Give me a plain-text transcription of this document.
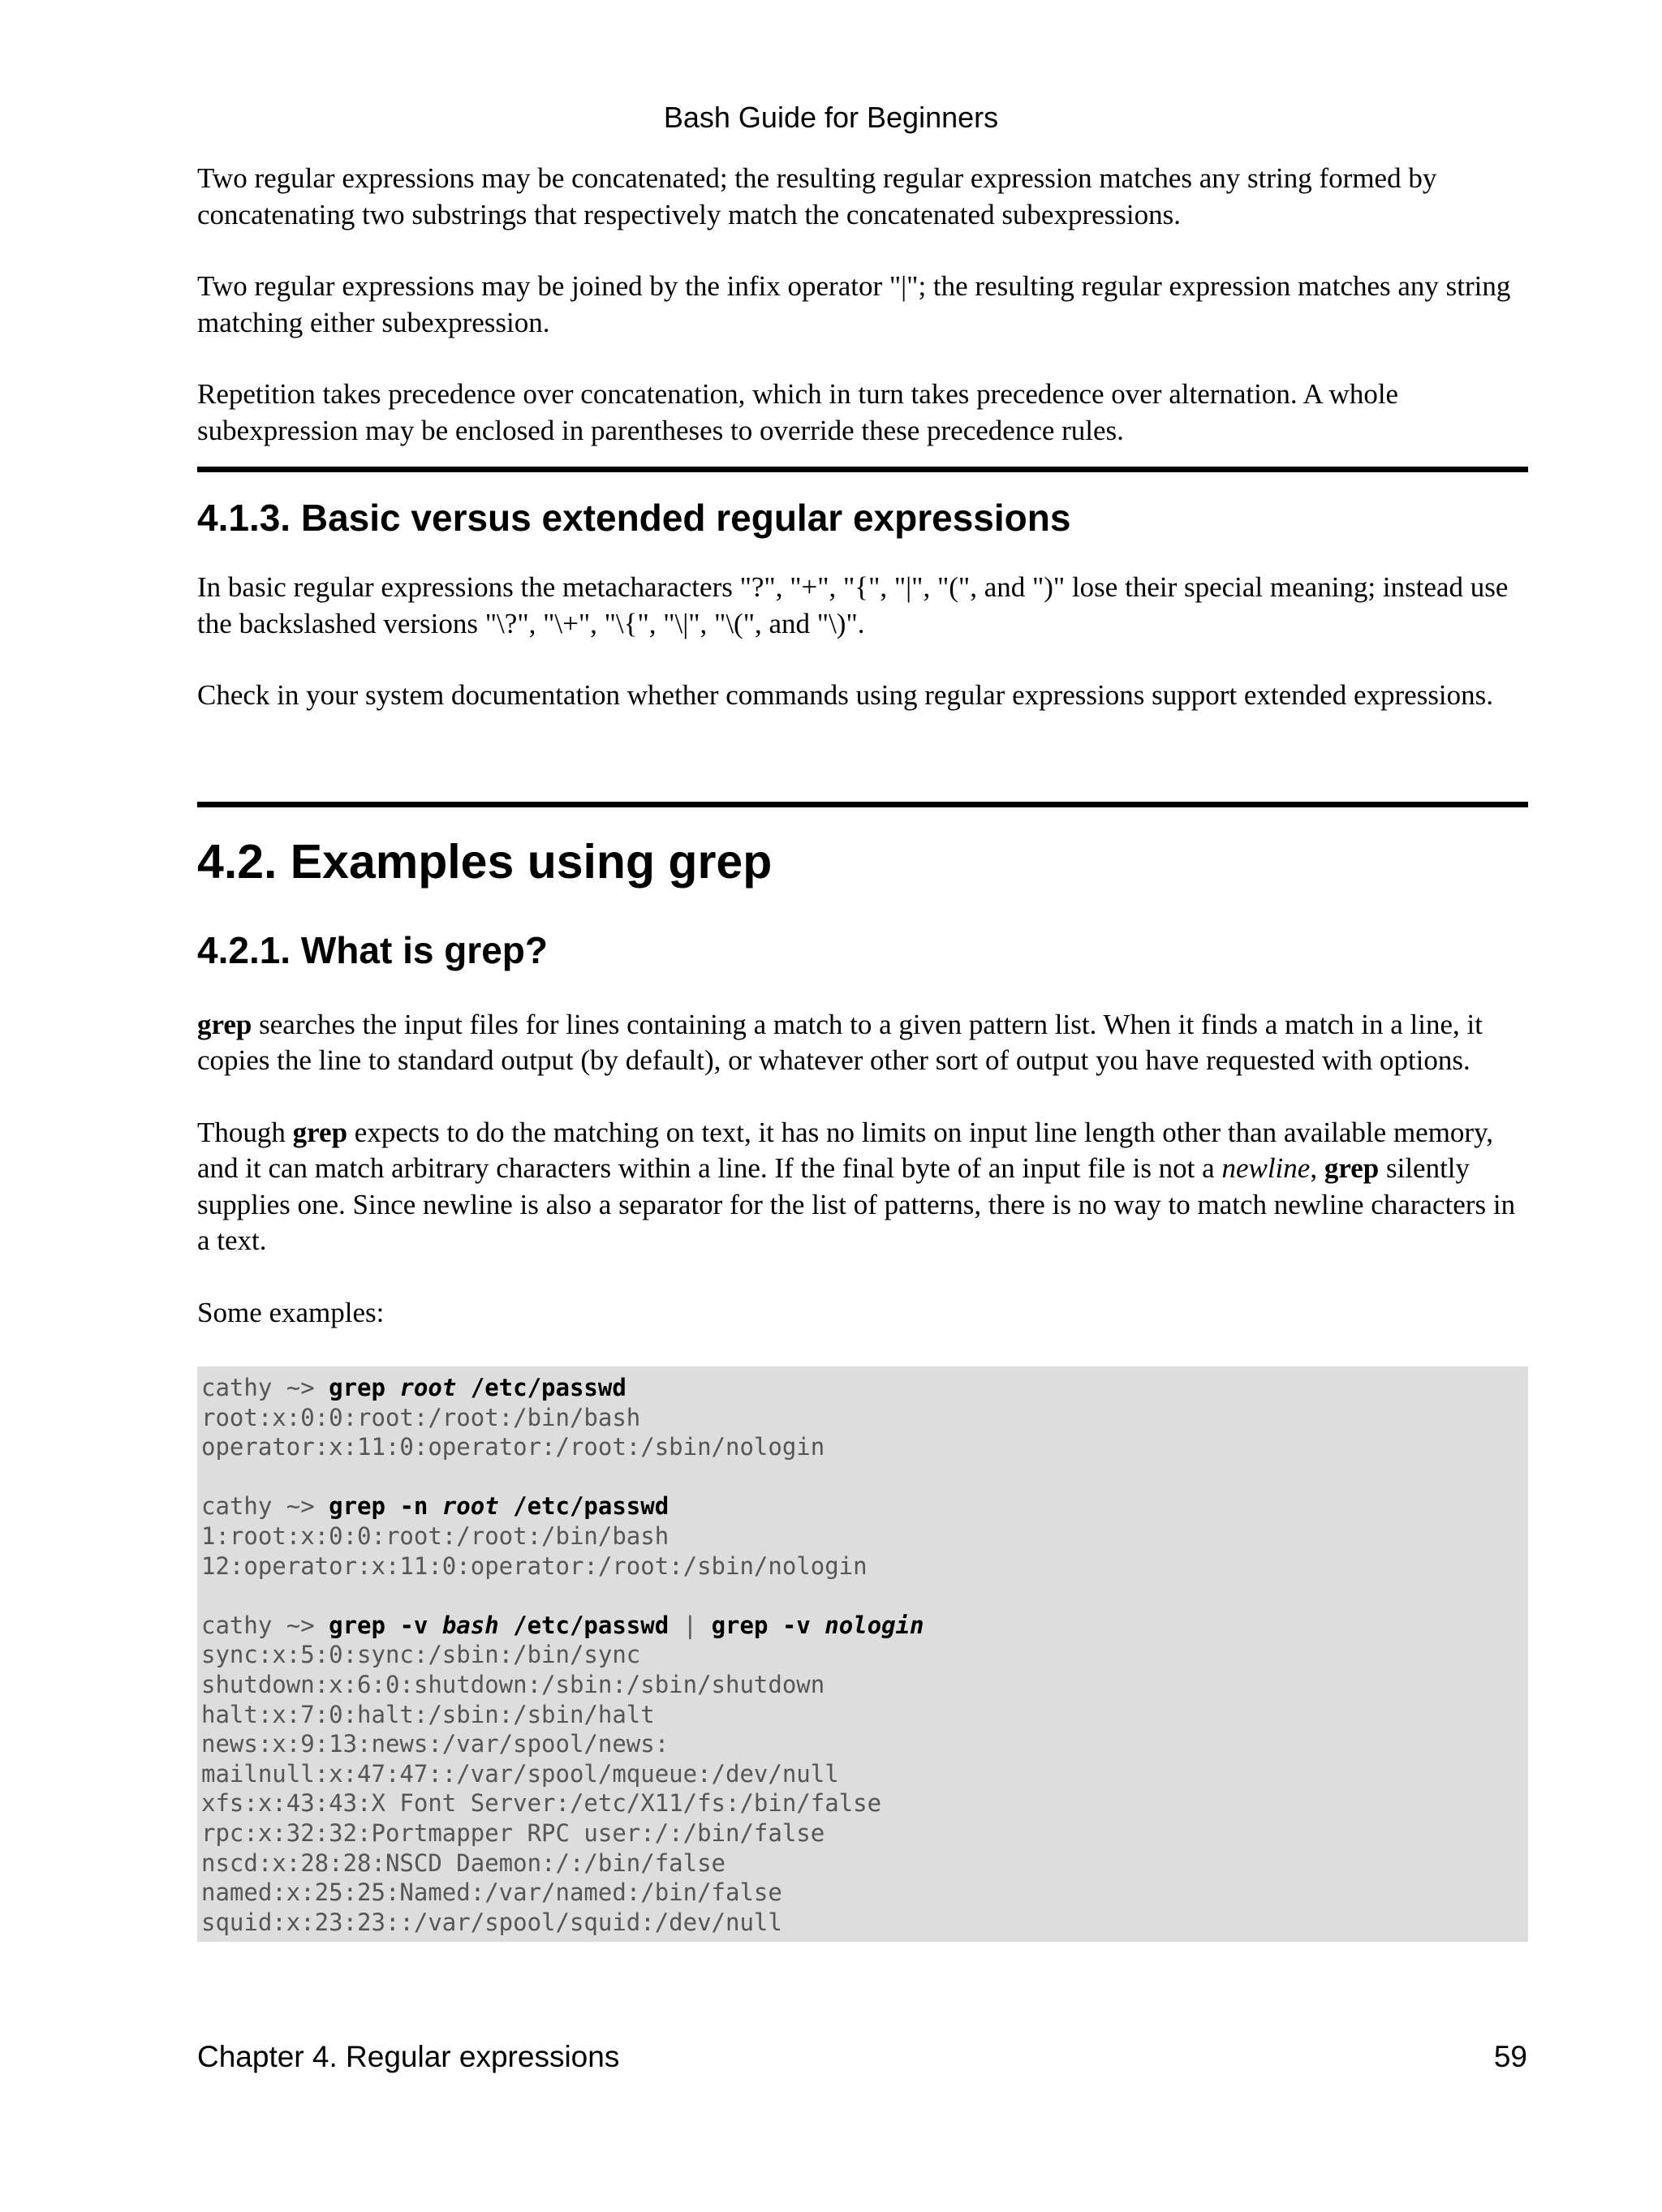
Bash Guide for Beginners

Two regular expressions may be concatenated; the resulting regular expression matches any string formed by concatenating two substrings that respectively match the concatenated subexpressions.

Two regular expressions may be joined by the infix operator "|"; the resulting regular expression matches any string matching either subexpression.

Repetition takes precedence over concatenation, which in turn takes precedence over alternation. A whole subexpression may be enclosed in parentheses to override these precedence rules.

4.1.3. Basic versus extended regular expressions

In basic regular expressions the metacharacters "?", "+", "{", "|", "(", and ")" lose their special meaning; instead use the backslashed versions "\?", "\+", "\{", "\|", "\(", and "\)".

Check in your system documentation whether commands using regular expressions support extended expressions.

4.2. Examples using grep
4.2.1. What is grep?

grep searches the input files for lines containing a match to a given pattern list. When it finds a match in a line, it copies the line to standard output (by default), or whatever other sort of output you have requested with options.

Though grep expects to do the matching on text, it has no limits on input line length other than available memory, and it can match arbitrary characters within a line. If the final byte of an input file is not a newline, grep silently supplies one. Since newline is also a separator for the list of patterns, there is no way to match newline characters in a text.

Some examples:

cathy ~> grep root /etc/passwd
root:x:0:0:root:/root:/bin/bash
operator:x:11:0:operator:/root:/sbin/nologin
cathy ~> grep -n root /etc/passwd
1:root:x:0:0:root:/root:/bin/bash
12:operator:x:11:0:operator:/root:/sbin/nologin
cathy ~> grep -v bash /etc/passwd | grep -v nologin
sync:x:5:0:sync:/sbin:/bin/sync
shutdown:x:6:0:shutdown:/sbin:/sbin/shutdown
halt:x:7:0:halt:/sbin:/sbin/halt
news:x:9:13:news:/var/spool/news:
mailnull:x:47:47::/var/spool/mqueue:/dev/null
xfs:x:43:43:X Font Server:/etc/X11/fs:/bin/false
rpc:x:32:32:Portmapper RPC user:/:/bin/false
nscd:x:28:28:NSCD Daemon:/:/bin/false
named:x:25:25:Named:/var/named:/bin/false
squid:x:23:23::/var/spool/squid:/dev/null
Chapter 4. Regular expressions	59
